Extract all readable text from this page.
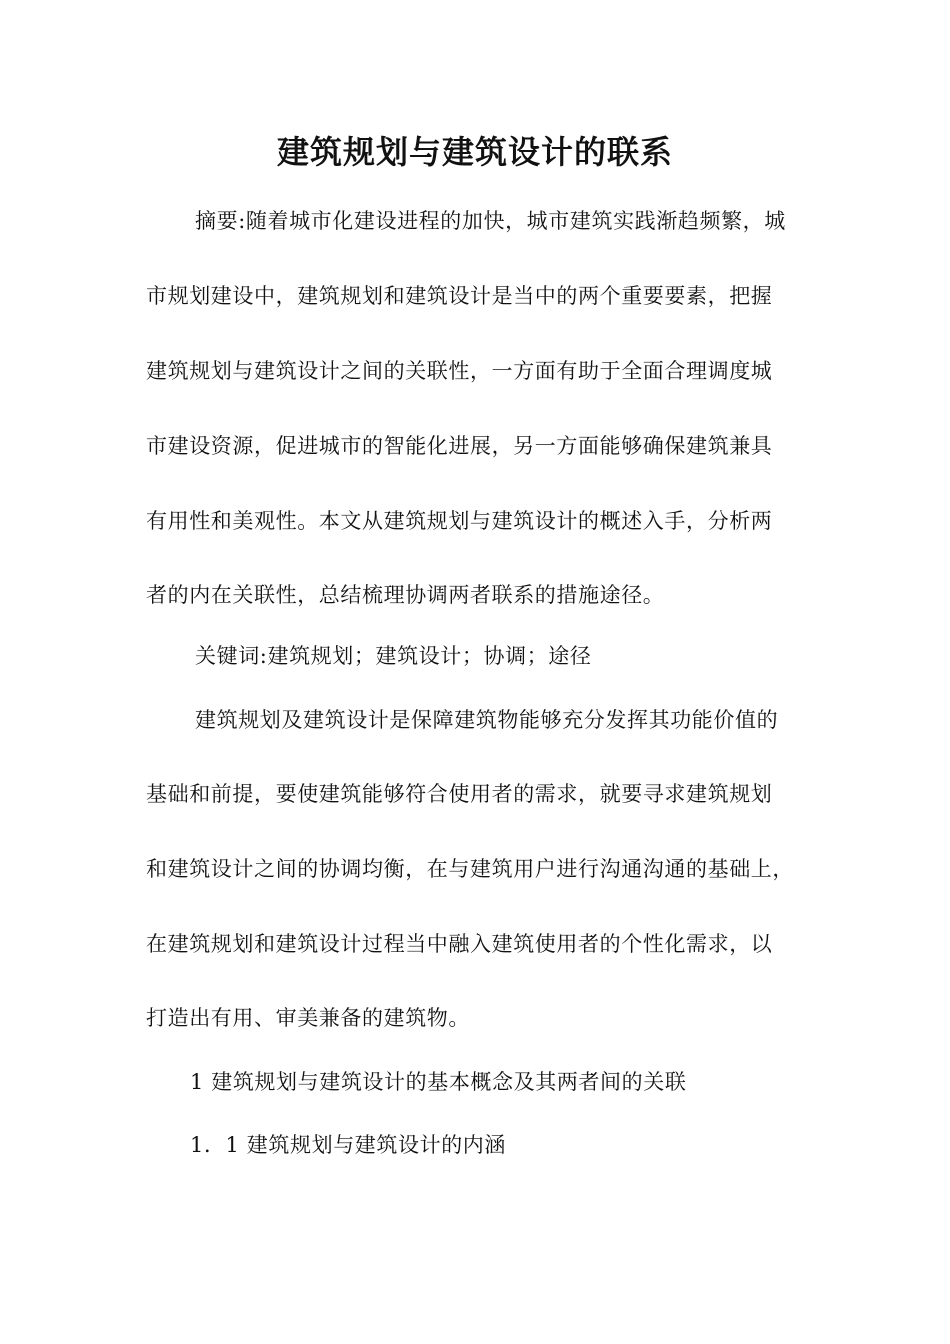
建筑规划与建筑设计的联系
摘要:随着城市化建设进程的加快，城市建筑实践渐趋频繁，城
市规划建设中，建筑规划和建筑设计是当中的两个重要要素，把握
建筑规划与建筑设计之间的关联性，一方面有助于全面合理调度城
市建设资源，促进城市的智能化进展，另一方面能够确保建筑兼具
有用性和美观性。本文从建筑规划与建筑设计的概述入手，分析两
者的内在关联性，总结梳理协调两者联系的措施途径。
关键词:建筑规划；建筑设计；协调；途径
建筑规划及建筑设计是保障建筑物能够充分发挥其功能价值的
基础和前提，要使建筑能够符合使用者的需求，就要寻求建筑规划
和建筑设计之间的协调均衡，在与建筑用户进行沟通沟通的基础上，
在建筑规划和建筑设计过程当中融入建筑使用者的个性化需求，以
打造出有用、审美兼备的建筑物。
1 建筑规划与建筑设计的基本概念及其两者间的关联
1．1 建筑规划与建筑设计的内涵
